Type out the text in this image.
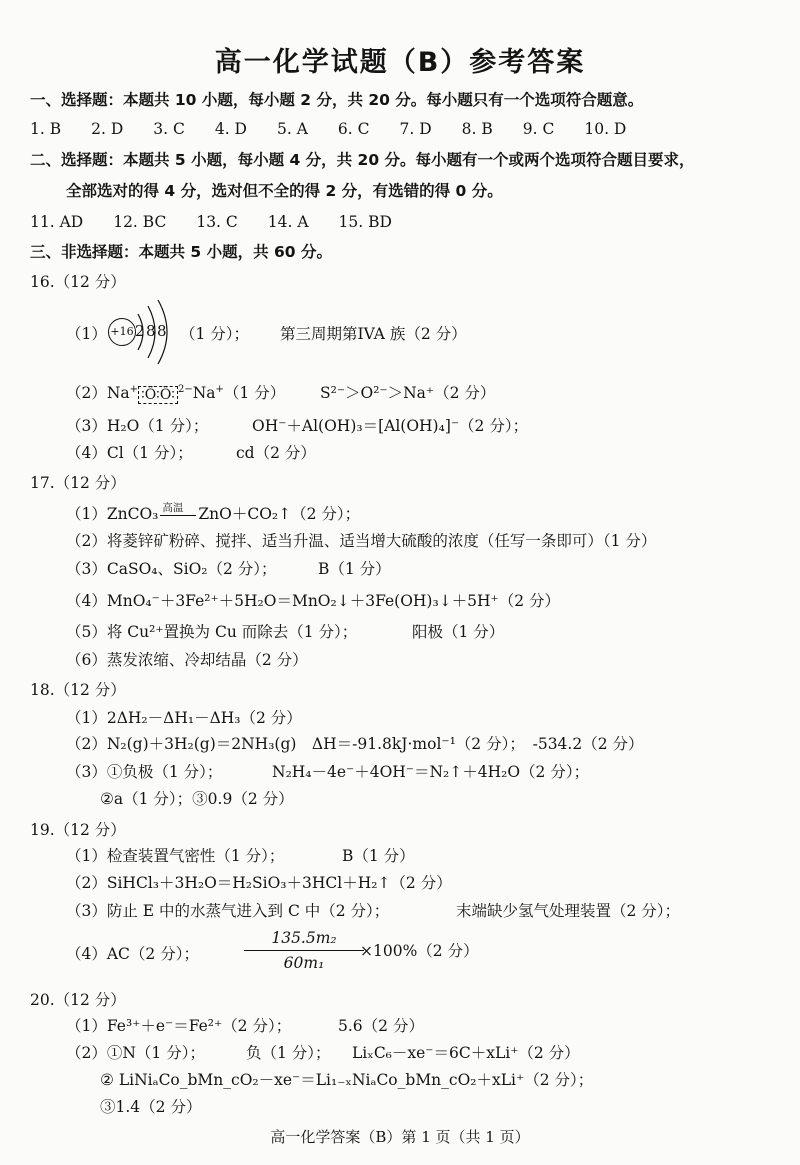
高一化学试题（B）参考答案
一、选择题：本题共 10 小题，每小题 2 分，共 20 分。每小题只有一个选项符合题意。
1. B 2. D 3. C 4. D 5. A 6. C 7. D 8. B 9. C 10. D
二、选择题：本题共 5 小题，每小题 4 分，共 20 分。每小题有一个或两个选项符合题目要求，
全部选对的得 4 分，选对但不全的得 2 分，有选错的得 0 分。
11. AD 12. BC 13. C 14. A 15. BD
三、非选择题：本题共 5 小题，共 60 分。
16.（12 分）
（1） +16 2 8 8 （1 分）； 第三周期第IVA 族（2 分）
（2）Na+ ∶Ö∶Ö∶ $^{2-}$Na+（1 分） S²⁻＞O²⁻＞Na⁺（2 分）
（3）H₂O（1 分）；	OH⁻＋Al(OH)₃＝[Al(OH)₄]⁻（2 分）；
（4）Cl（1 分）；	cd（2 分）
17.（12 分）
（1）ZnCO₃ 高温 ZnO＋CO₂↑（2 分）；
（2）将菱锌矿粉碎、搅拌、适当升温、适当增大硫酸的浓度（任写一条即可）（1 分）
（3）CaSO₄、SiO₂（2 分）；	B（1 分）
（4）MnO₄⁻＋3Fe²⁺＋5H₂O＝MnO₂↓＋3Fe(OH)₃↓＋5H⁺（2 分）
（5）将 Cu²⁺置换为 Cu 而除去（1 分）；	阳极（1 分）
（6）蒸发浓缩、冷却结晶（2 分）
18.（12 分）
（1）2ΔH₂－ΔH₁－ΔH₃（2 分）
（2）N₂(g)＋3H₂(g)＝2NH₃(g)　ΔH＝-91.8kJ·mol⁻¹（2 分）；　-534.2（2 分）
（3）①负极（1 分）；	N₂H₄－4e⁻＋4OH⁻＝N₂↑＋4H₂O（2 分）；
②a（1 分）；③0.9（2 分）
19.（12 分）
（1）检查装置气密性（1 分）；	B（1 分）
（2）SiHCl₃＋3H₂O＝H₂SiO₃＋3HCl＋H₂↑（2 分）
（3）防止 E 中的水蒸气进入到 C 中（2 分）；	末端缺少氢气处理装置（2 分）；
（4）AC（2 分）；
135.5m₂
60m₁
×100%（2 分）
20.（12 分）
（1）Fe³⁺＋e⁻＝Fe²⁺（2 分）；	5.6（2 分）
（2）①N（1 分）；	负（1 分）； LiₓC₆－xe⁻＝6C＋xLi⁺（2 分）
② LiNiₐCo_bMn_cO₂－xe⁻＝Li₁₋ₓNiₐCo_bMn_cO₂＋xLi⁺（2 分）；
③1.4（2 分）
高一化学答案（B）第 1 页（共 1 页）
